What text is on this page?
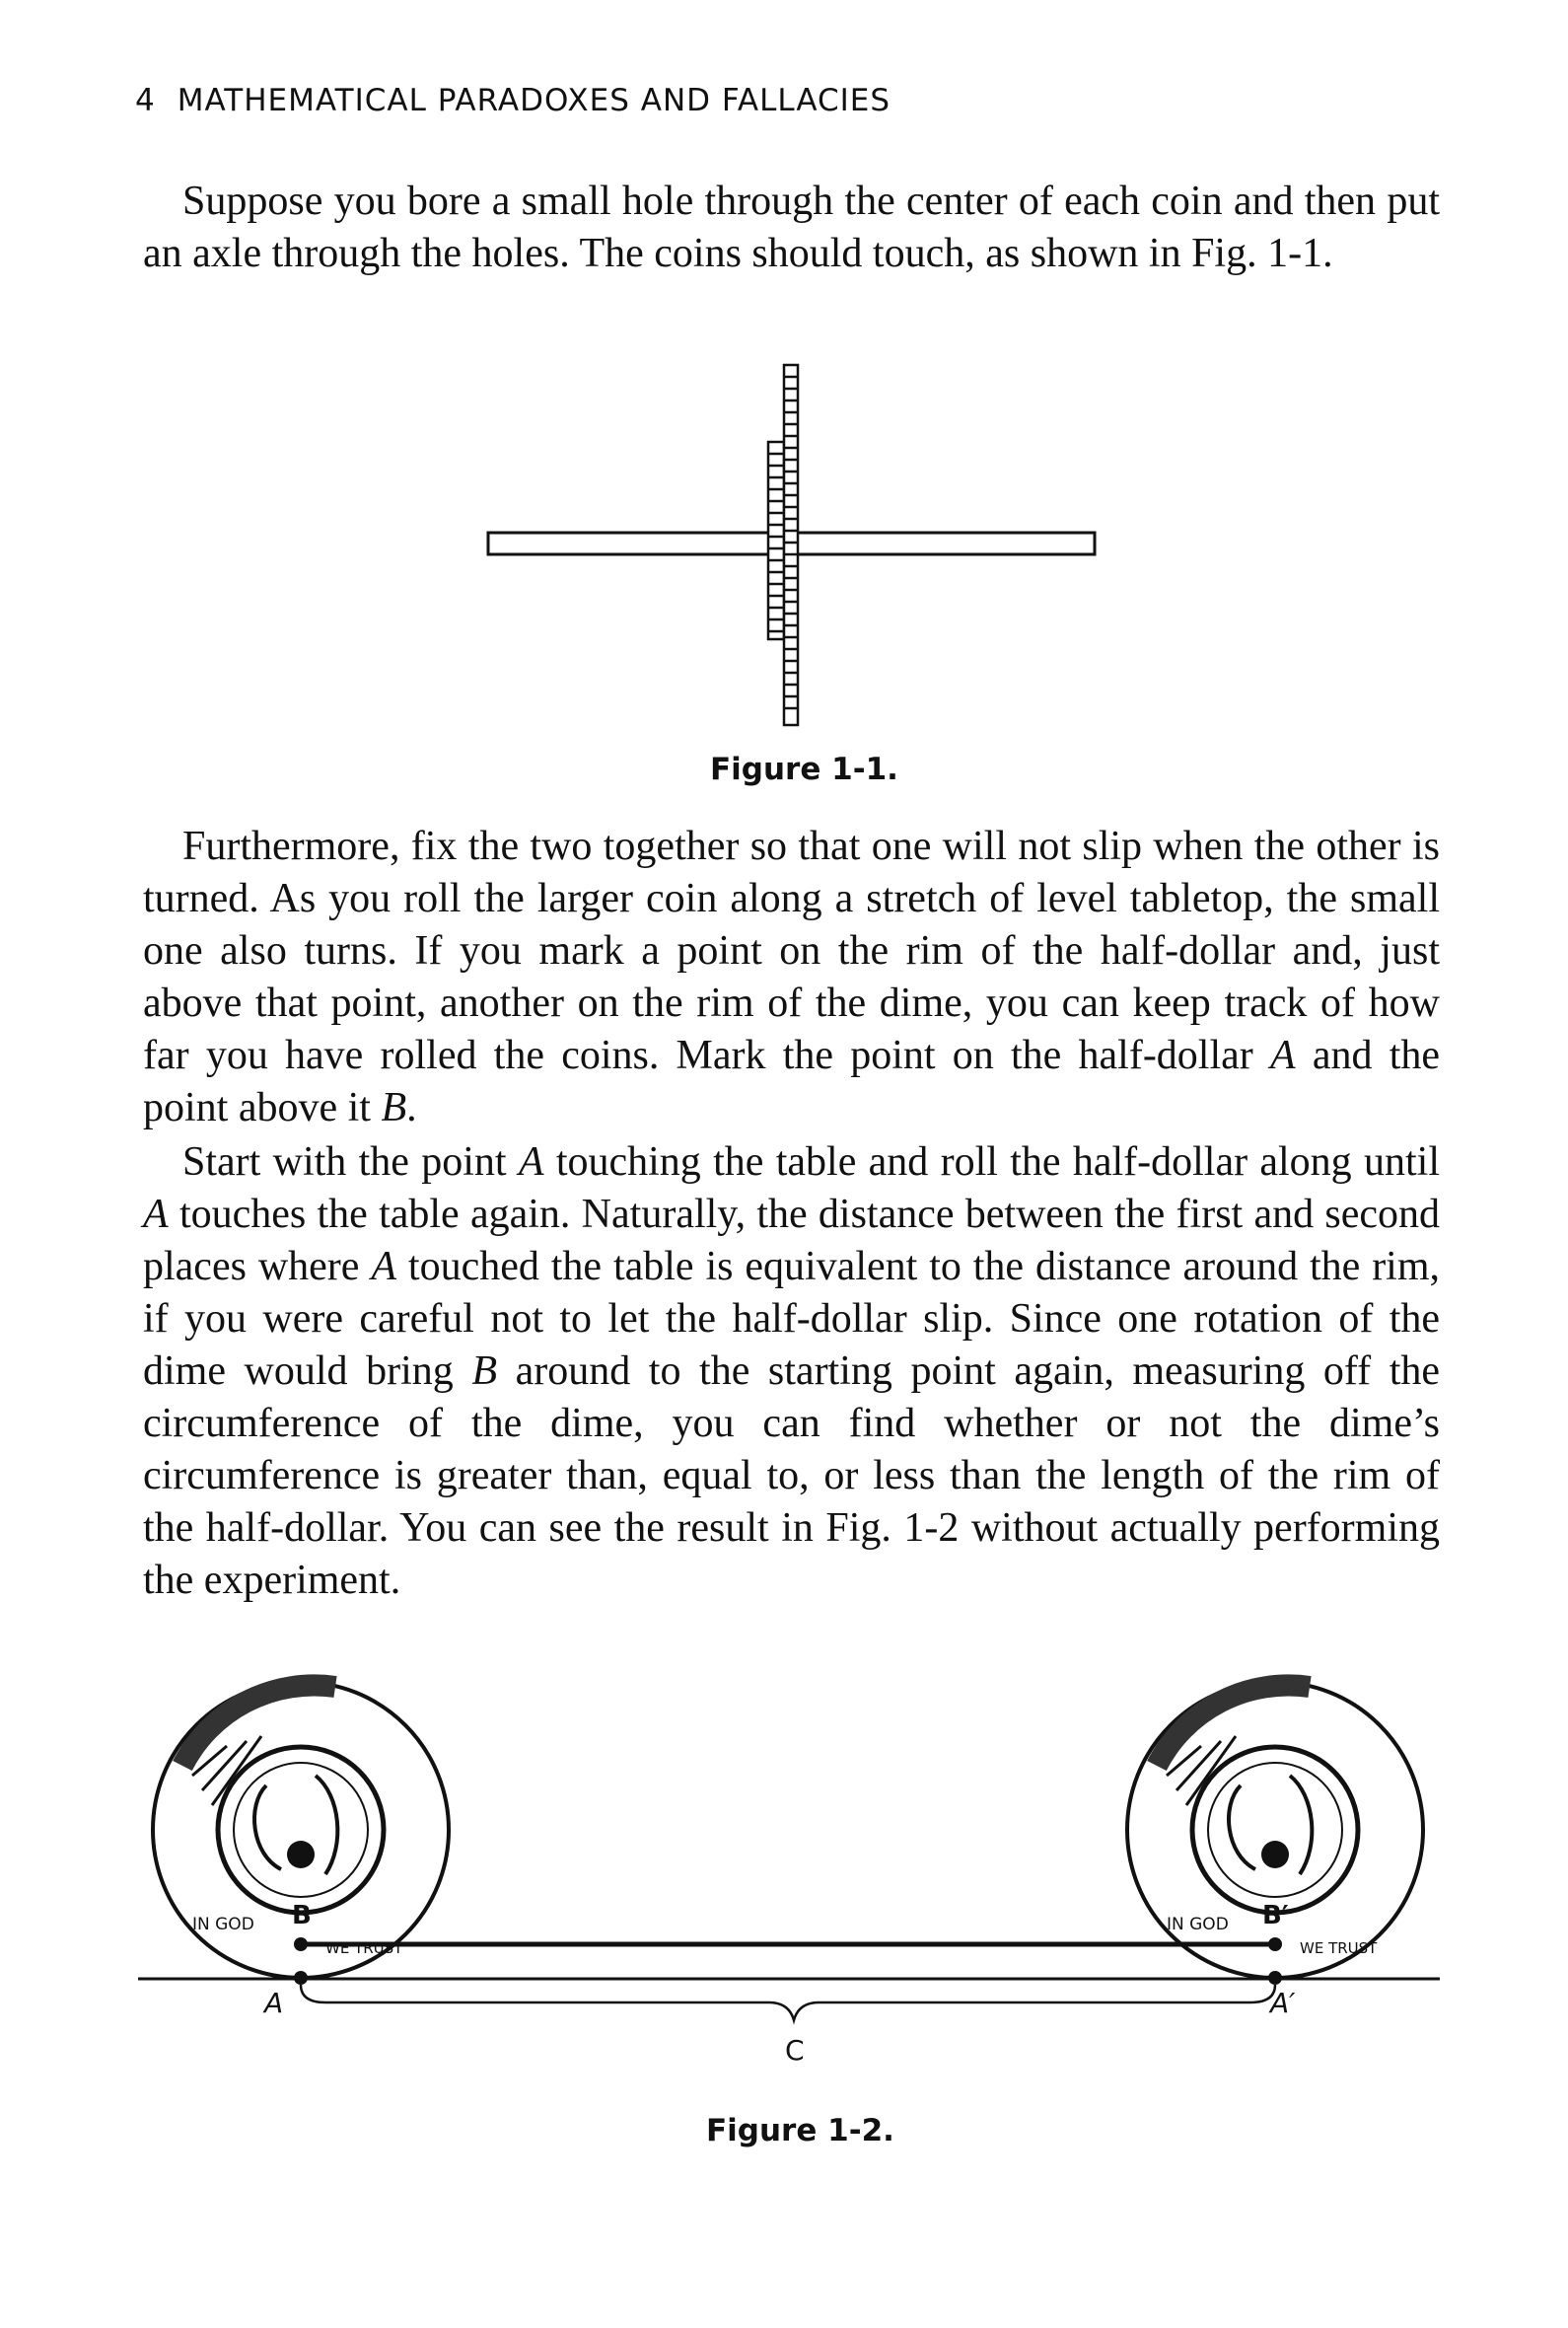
4 MATHEMATICAL PARADOXES AND FALLACIES

Suppose you bore a small hole through the center of each coin and then put an axle through the holes. The coins should touch, as shown in Fig. 1-1.

Figure 1-1.

Furthermore, fix the two together so that one will not slip when the other is turned. As you roll the larger coin along a stretch of level tabletop, the small one also turns. If you mark a point on the rim of the half-dollar and, just above that point, another on the rim of the dime, you can keep track of how far you have rolled the coins. Mark the point on the half-dollar A and the point above it B.

Start with the point A touching the table and roll the half-dollar along until A touches the table again. Naturally, the distance between the first and second places where A touched the table is equivalent to the distance around the rim, if you were careful not to let the half-dollar slip. Since one rotation of the dime would bring B around to the starting point again, measuring off the circumference of the dime, you can find whether or not the dime’s circumference is greater than, equal to, or less than the length of the rim of the half-dollar. You can see the result in Fig. 1-2 without actually performing the experiment.

IN GOD
WE TRUST
IN GOD
WE TRUST
B	B′
A	A′
C
Figure 1-2.
